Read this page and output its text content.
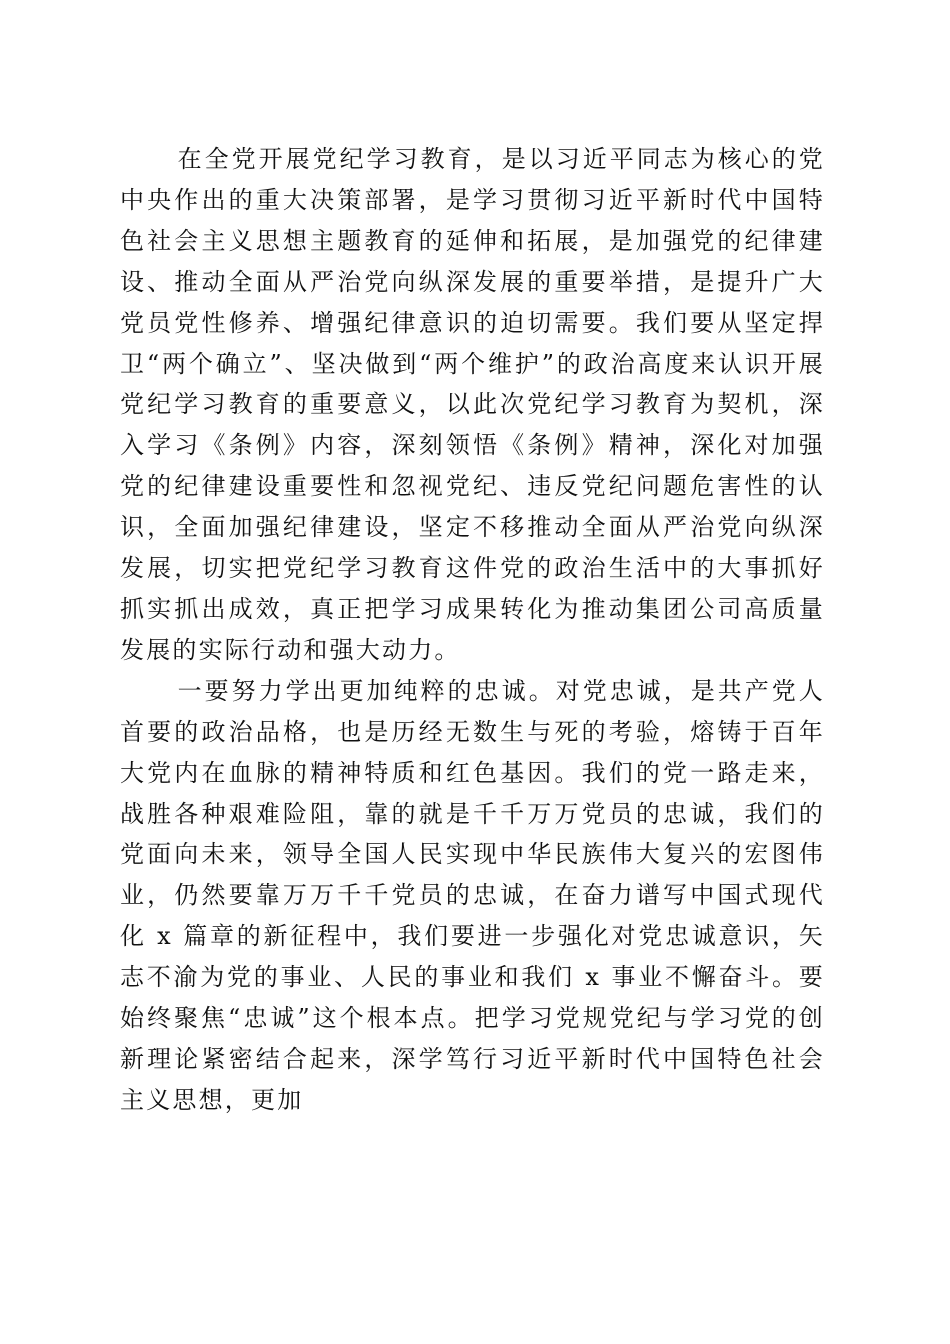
在全党开展党纪学习教育，是以习近平同志为核心的党中央作出的重大决策部署，是学习贯彻习近平新时代中国特色社会主义思想主题教育的延伸和拓展，是加强党的纪律建设、推动全面从严治党向纵深发展的重要举措，是提升广大党员党性修养、增强纪律意识的迫切需要。我们要从坚定捍卫“两个确立”、坚决做到“两个维护”的政治高度来认识开展党纪学习教育的重要意义，以此次党纪学习教育为契机，深入学习《条例》内容，深刻领悟《条例》精神，深化对加强党的纪律建设重要性和忽视党纪、违反党纪问题危害性的认识，全面加强纪律建设，坚定不移推动全面从严治党向纵深发展，切实把党纪学习教育这件党的政治生活中的大事抓好抓实抓出成效，真正把学习成果转化为推动集团公司高质量发展的实际行动和强大动力。

一要努力学出更加纯粹的忠诚。对党忠诚，是共产党人首要的政治品格，也是历经无数生与死的考验，熔铸于百年大党内在血脉的精神特质和红色基因。我们的党一路走来，战胜各种艰难险阻，靠的就是千千万万党员的忠诚，我们的党面向未来，领导全国人民实现中华民族伟大复兴的宏图伟业，仍然要靠万万千千党员的忠诚，在奋力谱写中国式现代化 x 篇章的新征程中，我们要进一步强化对党忠诚意识，矢志不渝为党的事业、人民的事业和我们 x 事业不懈奋斗。要始终聚焦“忠诚”这个根本点。把学习党规党纪与学习党的创新理论紧密结合起来，深学笃行习近平新时代中国特色社会主义思想，更加
